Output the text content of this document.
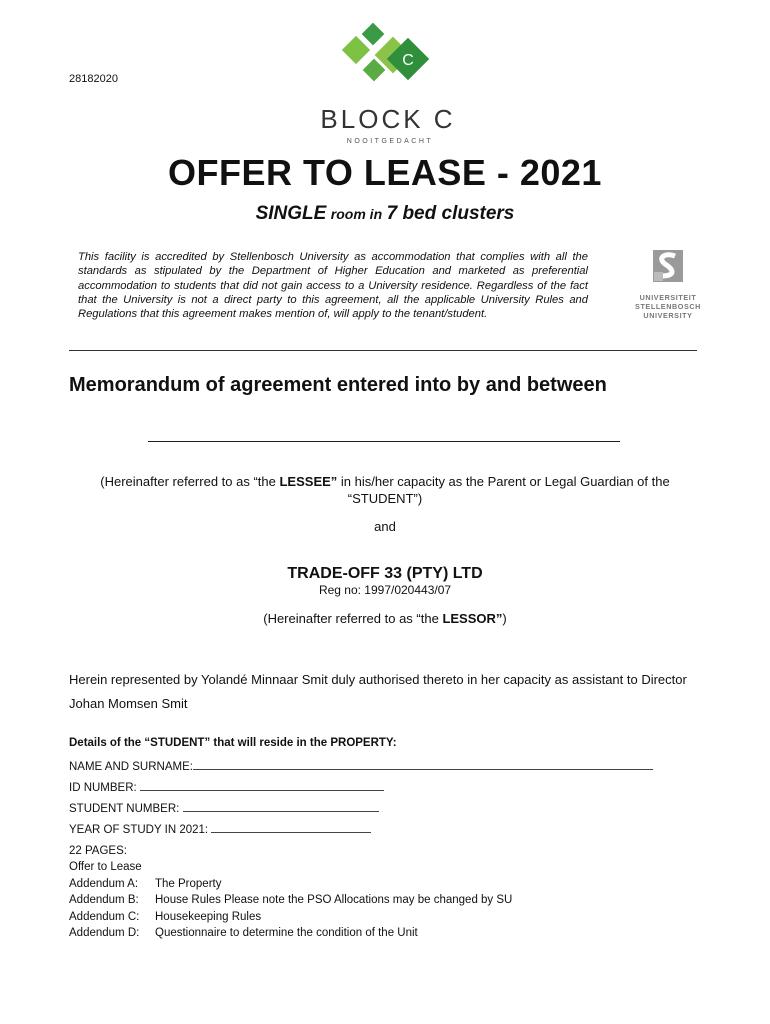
28182020
C
BLOCK C
NOOITGEDACHT
OFFER TO LEASE - 2021
SINGLE room in 7 bed clusters
This facility is accredited by Stellenbosch University as accommodation that complies with all the standards as stipulated by the Department of Higher Education and marketed as preferential accommodation to students that did not gain access to a University residence. Regardless of the fact that the University is not a direct party to this agreement, all the applicable University Rules and Regulations that this agreement makes mention of, will apply to the tenant/student.
UNIVERSITEIT
STELLENBOSCH
UNIVERSITY
Memorandum of agreement entered into by and between
(Hereinafter referred to as “the LESSEE” in his/her capacity as the Parent or Legal Guardian of the “STUDENT”)
and
TRADE-OFF 33 (PTY) LTD
Reg no: 1997/020443/07
(Hereinafter referred to as “the LESSOR”)
Herein represented by Yolandé Minnaar Smit duly authorised thereto in her capacity as assistant to Director Johan Momsen Smit
Details of the “STUDENT” that will reside in the PROPERTY:
NAME AND SURNAME:
ID NUMBER:
STUDENT NUMBER:
YEAR OF STUDY IN 2021:
22 PAGES:
Offer to Lease
Addendum A: The Property
Addendum B: House Rules Please note the PSO Allocations may be changed by SU
Addendum C: Housekeeping Rules
Addendum D: Questionnaire to determine the condition of the Unit
